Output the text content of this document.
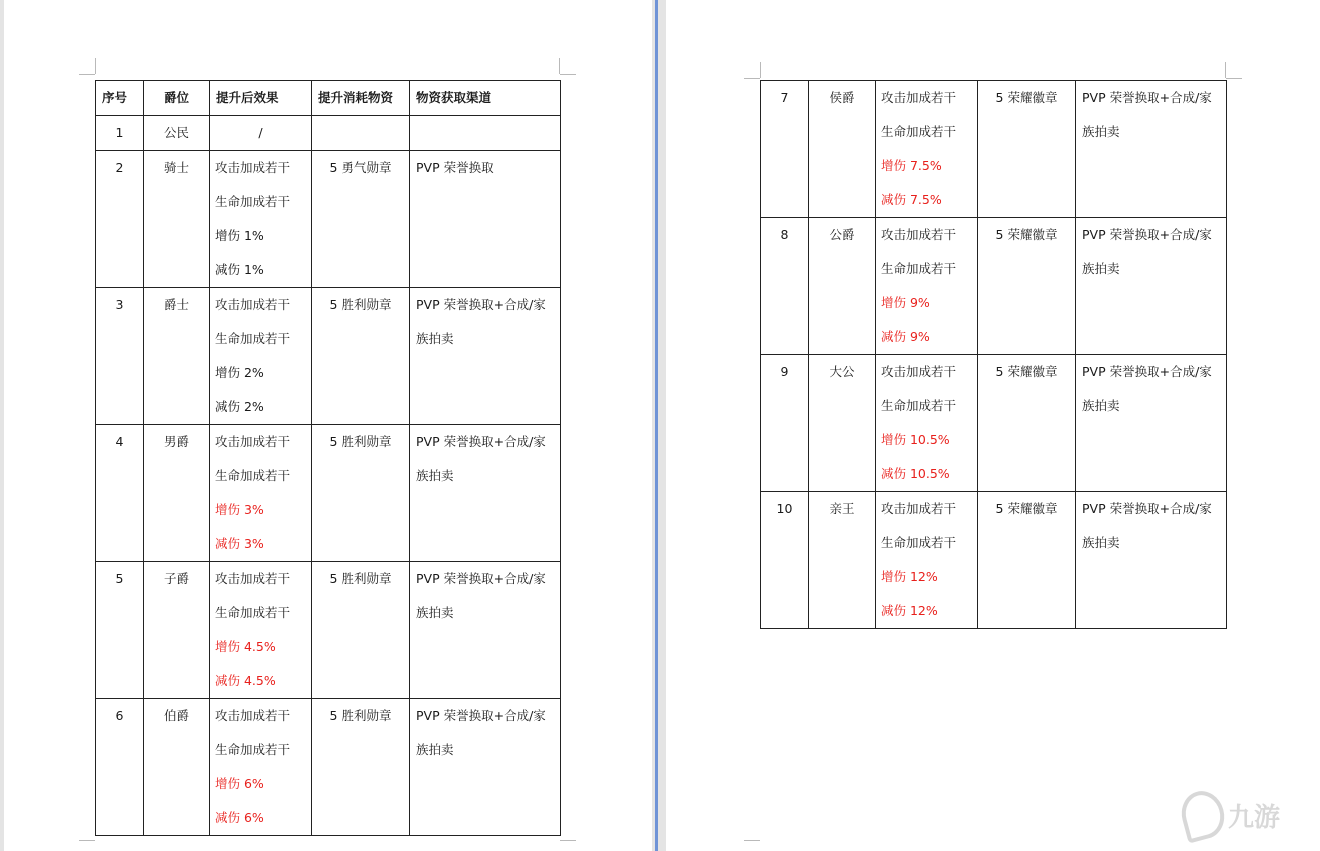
序号	爵位	提升后效果	提升消耗物资	物资获取渠道
1	公民	/		
2	骑士	攻击加成若干
生命加成若干
增伤 1%
减伤 1%	5 勇气勋章	PVP 荣誉换取
3	爵士	攻击加成若干
生命加成若干
增伤 2%
减伤 2%	5 胜利勋章	PVP 荣誉换取+合成/家族拍卖
4	男爵	攻击加成若干
生命加成若干
增伤 3%
减伤 3%	5 胜利勋章	PVP 荣誉换取+合成/家族拍卖
5	子爵	攻击加成若干
生命加成若干
增伤 4.5%
减伤 4.5%	5 胜利勋章	PVP 荣誉换取+合成/家族拍卖
6	伯爵	攻击加成若干
生命加成若干
增伤 6%
减伤 6%	5 胜利勋章	PVP 荣誉换取+合成/家族拍卖
7	侯爵	攻击加成若干
生命加成若干
增伤 7.5%
减伤 7.5%	5 荣耀徽章	PVP 荣誉换取+合成/家族拍卖
8	公爵	攻击加成若干
生命加成若干
增伤 9%
减伤 9%	5 荣耀徽章	PVP 荣誉换取+合成/家族拍卖
9	大公	攻击加成若干
生命加成若干
增伤 10.5%
减伤 10.5%	5 荣耀徽章	PVP 荣誉换取+合成/家族拍卖
10	亲王	攻击加成若干
生命加成若干
增伤 12%
减伤 12%	5 荣耀徽章	PVP 荣誉换取+合成/家族拍卖
九游
